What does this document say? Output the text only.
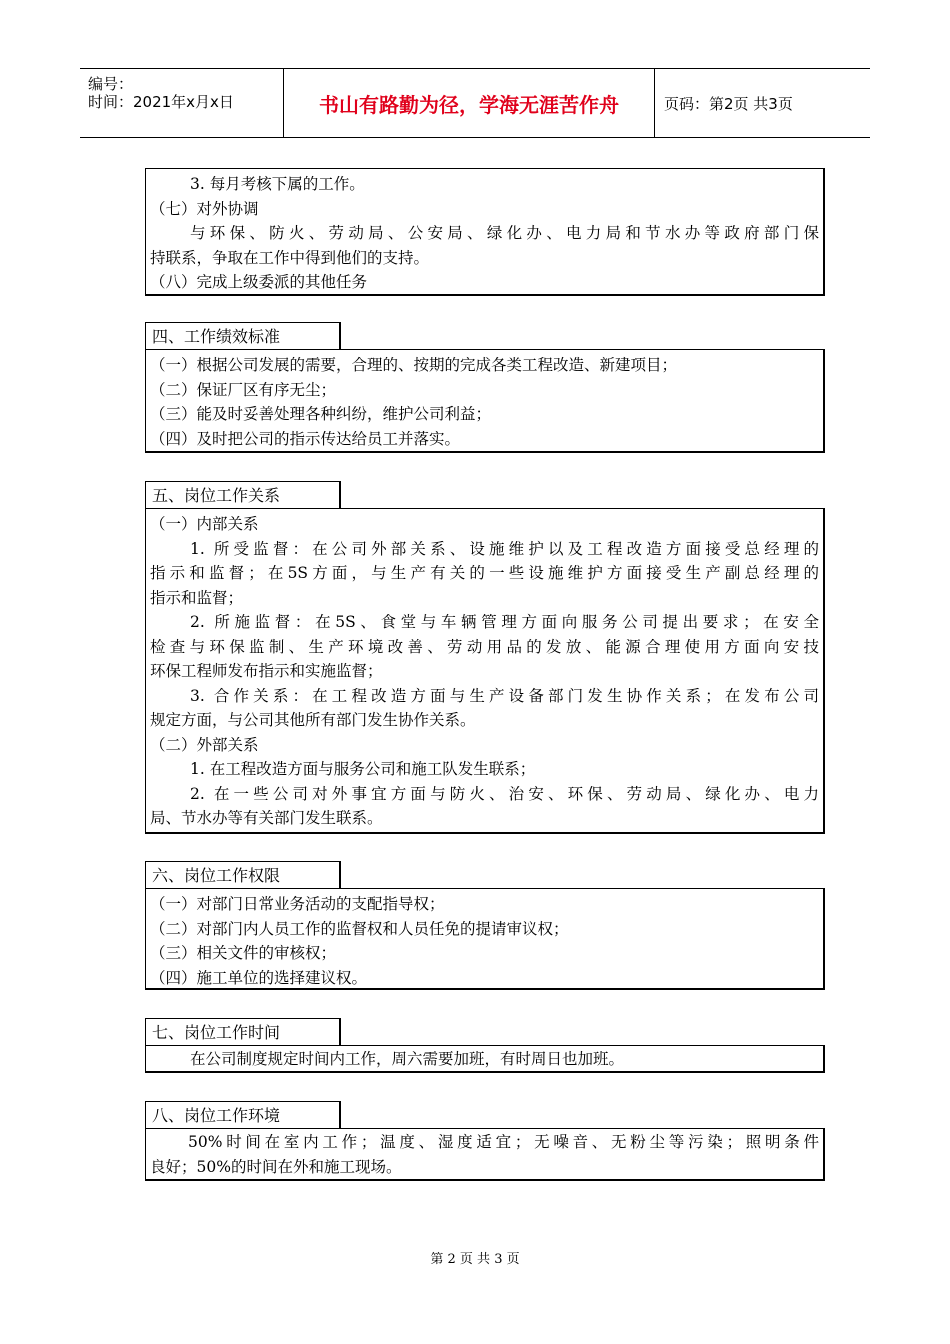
编号：
时间：2021年x月x日	书山有路勤为径，学海无涯苦作舟	页码：第2页 共3页
3. 每月考核下属的工作。
（七）对外协调
与环保、防火、劳动局、公安局、绿化办、电力局和节水办等政府部门保
持联系，争取在工作中得到他们的支持。
（八）完成上级委派的其他任务
四、工作绩效标准
（一）根据公司发展的需要，合理的、按期的完成各类工程改造、新建项目；
（二）保证厂区有序无尘；
（三）能及时妥善处理各种纠纷，维护公司利益；
（四）及时把公司的指示传达给员工并落实。
五、岗位工作关系
（一）内部关系
1. 所受监督：在公司外部关系、设施维护以及工程改造方面接受总经理的
指示和监督；在5S方面，与生产有关的一些设施维护方面接受生产副总经理的
指示和监督；
2. 所施监督：在5S、食堂与车辆管理方面向服务公司提出要求；在安全
检查与环保监制、生产环境改善、劳动用品的发放、能源合理使用方面向安技
环保工程师发布指示和实施监督；
3. 合作关系：在工程改造方面与生产设备部门发生协作关系；在发布公司
规定方面，与公司其他所有部门发生协作关系。
（二）外部关系
1. 在工程改造方面与服务公司和施工队发生联系；
2. 在一些公司对外事宜方面与防火、治安、环保、劳动局、绿化办、电力
局、节水办等有关部门发生联系。
六、岗位工作权限
（一）对部门日常业务活动的支配指导权；
（二）对部门内人员工作的监督权和人员任免的提请审议权；
（三）相关文件的审核权；
（四）施工单位的选择建议权。
七、岗位工作时间
在公司制度规定时间内工作，周六需要加班，有时周日也加班。
八、岗位工作环境
50%时间在室内工作；温度、湿度适宜；无噪音、无粉尘等污染；照明条件
良好；50%的时间在外和施工现场。
第 2 页 共 3 页
